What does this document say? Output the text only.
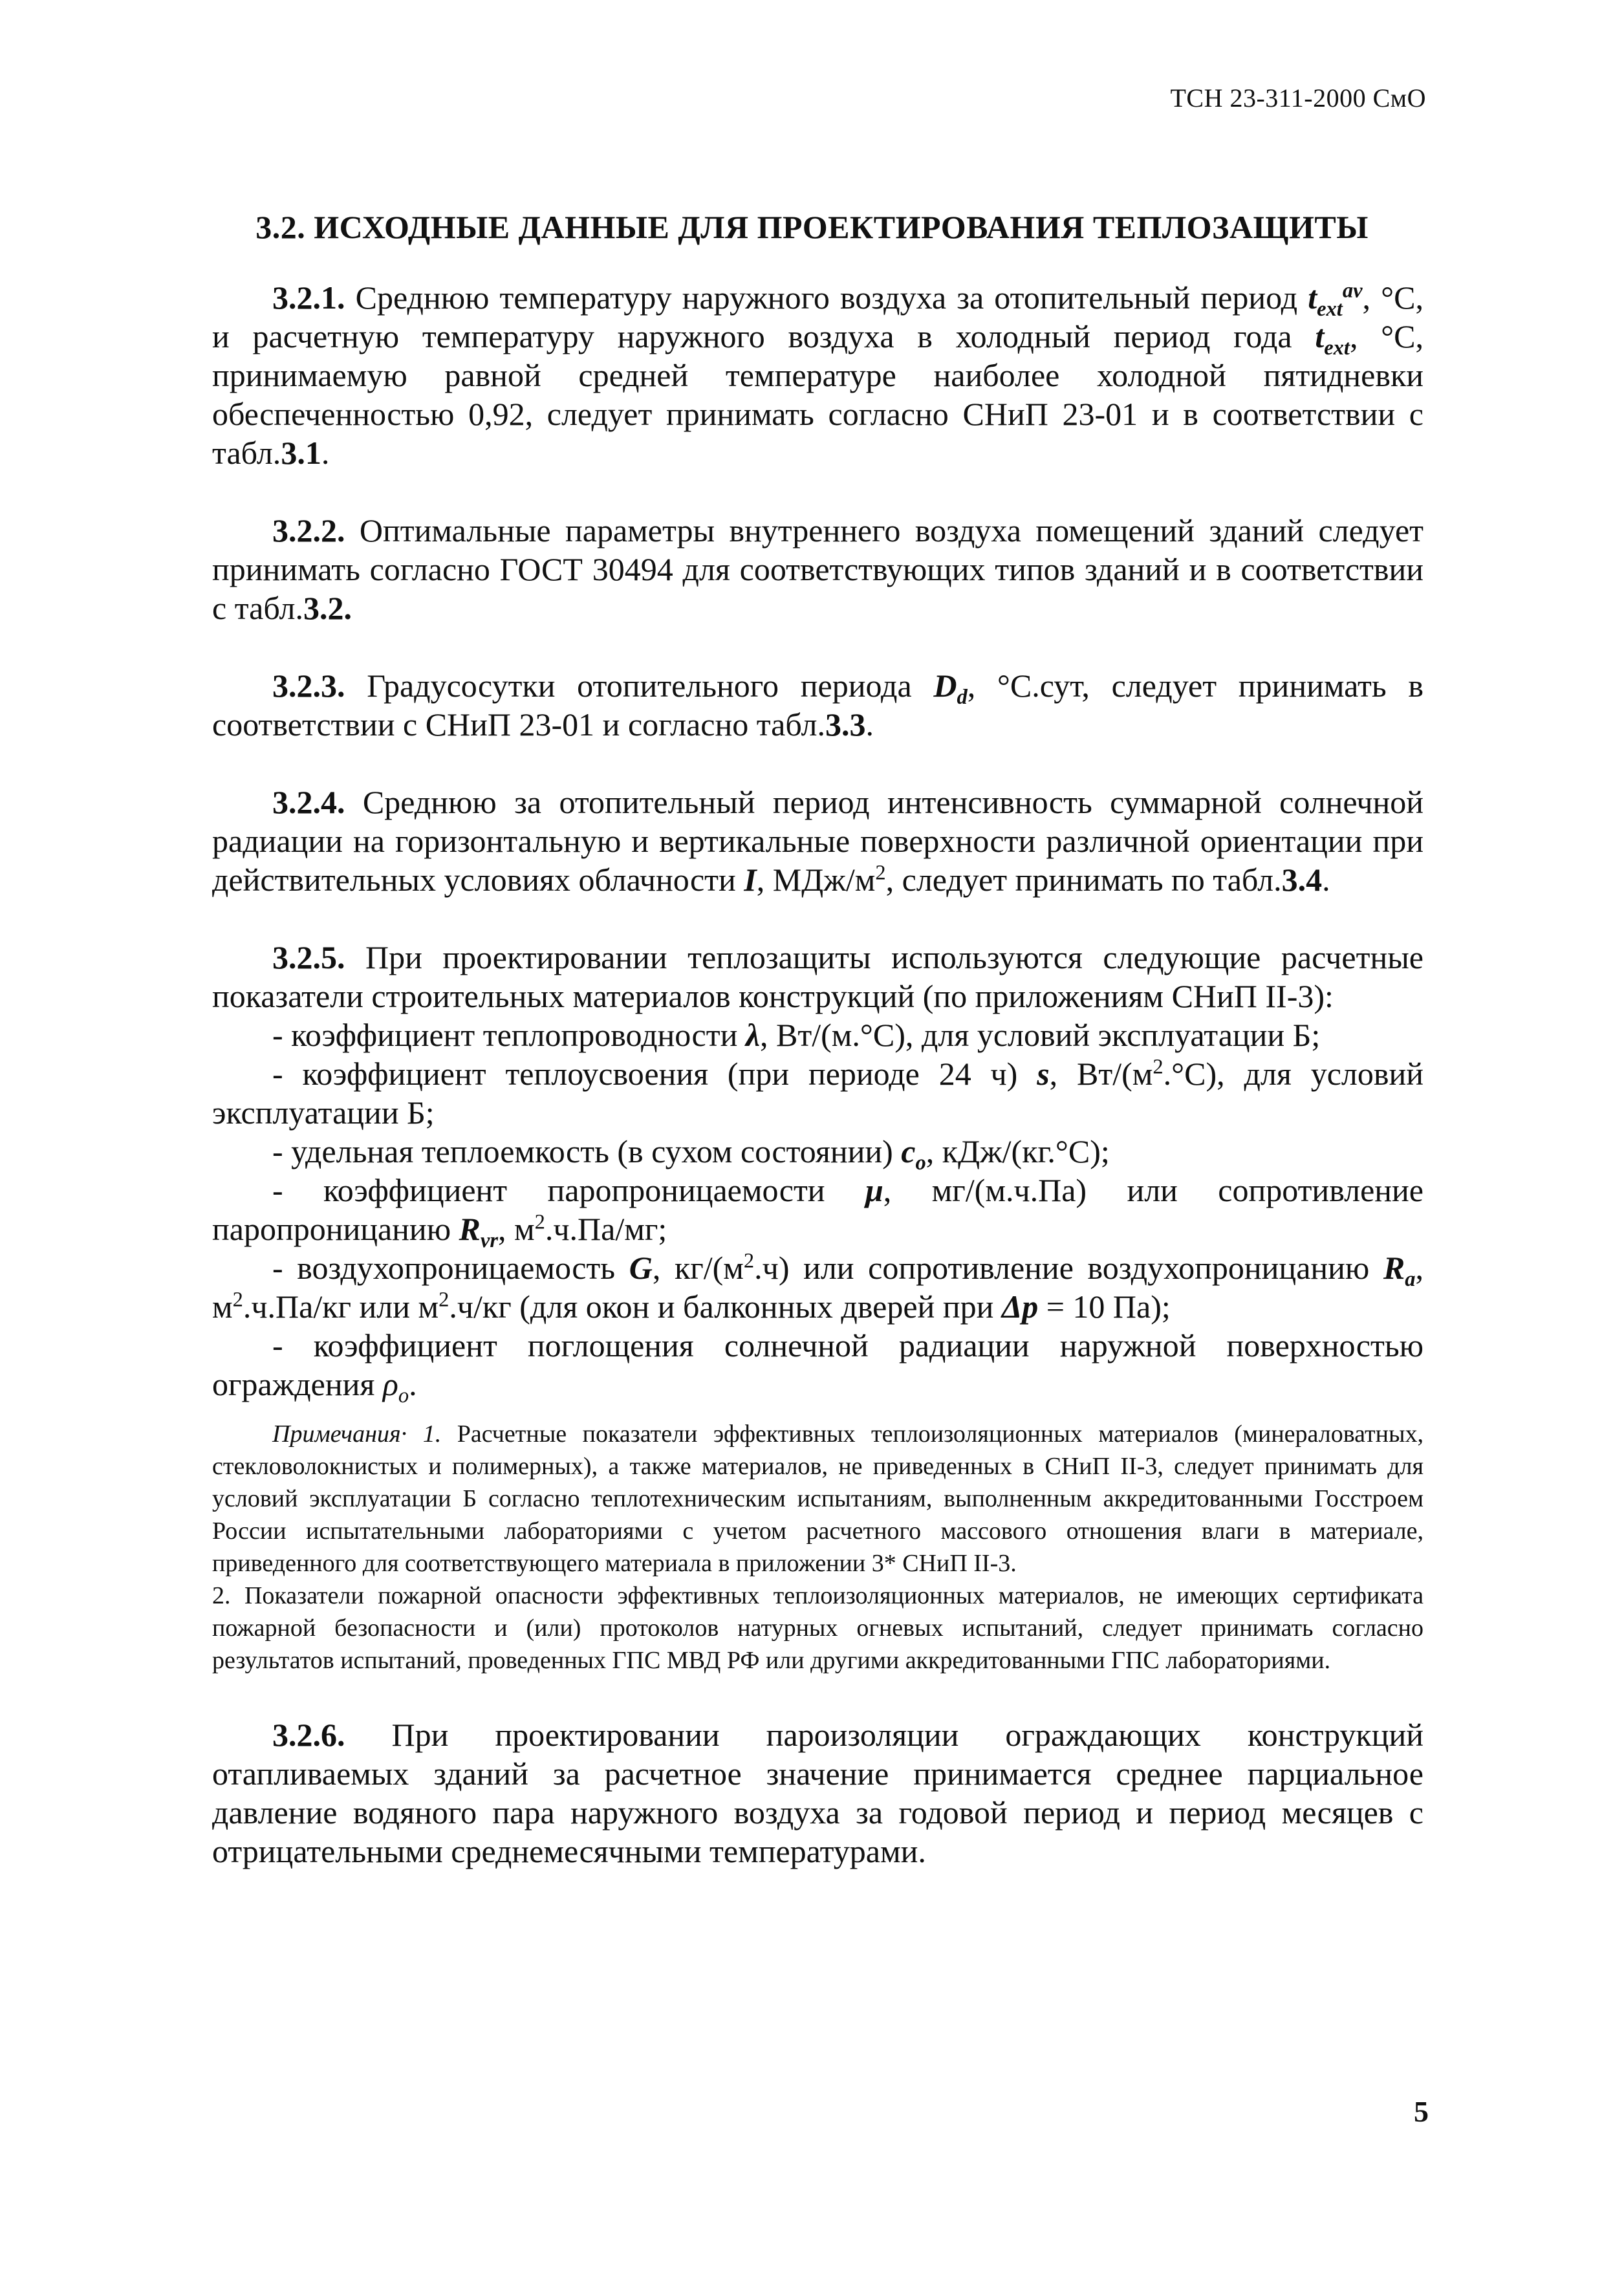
ТСН 23-311-2000 СмО
3.2. ИСХОДНЫЕ ДАННЫЕ ДЛЯ ПРОЕКТИРОВАНИЯ ТЕПЛОЗАЩИТЫ

3.2.1. Среднюю температуру наружного воздуха за отопительный период $t_{ext}^{av}$, °С, и расчетную температуру наружного воздуха в холодный период года $t_{ext}$, °С, принимаемую равной средней температуре наиболее холодной пятидневки обеспеченностью 0,92, следует принимать согласно СНиП 23-01 и в соответствии с табл.3.1.

3.2.2. Оптимальные параметры внутреннего воздуха помещений зданий следует принимать согласно ГОСТ 30494 для соответствующих типов зданий и в соответствии с табл.3.2.

3.2.3. Градусосутки отопительного периода $D_d$, °С.сут, следует принимать в соответствии с СНиП 23-01 и согласно табл.3.3.

3.2.4. Среднюю за отопительный период интенсивность суммарной солнечной радиации на горизонтальную и вертикальные поверхности различной ориентации при действительных условиях облачности I, МДж/$м^2$, следует принимать по табл.3.4.

3.2.5. При проектировании теплозащиты используются следующие расчетные показатели строительных материалов конструкций (по приложениям СНиП II-3):

- коэффициент теплопроводности λ, Вт/(м.°С), для условий эксплуатации Б;

- коэффициент теплоусвоения (при периоде 24 ч) s, $Вт/(м^2.^\circ С)$, для условий эксплуатации Б;

- удельная теплоемкость (в сухом состоянии) $c_o$, кДж/(кг.°С);

- коэффициент паропроницаемости μ, мг/(м.ч.Па) или сопротивление паропроницанию $R_{vr}$, $м^2.ч.Па/мг$;

- воздухопроницаемость G, $кг/(м^2.ч)$ или сопротивление воздухопроницанию $R_a$, $м^2.ч.Па/кг$ или $м^2.ч/кг$ (для окон и балконных дверей при Δp = 10 Па);

- коэффициент поглощения солнечной радиации наружной поверхностью ограждения $\rho_o$.

Примечания· 1. Расчетные показатели эффективных теплоизоляционных материалов (минераловатных, стекловолокнистых и полимерных), а также материалов, не приведенных в СНиП II-3, следует принимать для условий эксплуатации Б согласно теплотехническим испытаниям, выполненным аккредитованными Госстроем России испытательными лабораториями с учетом расчетного массового отношения влаги в материале, приведенного для соответствующего материала в приложении 3* СНиП II-3.

2. Показатели пожарной опасности эффективных теплоизоляционных материалов, не имеющих сертификата пожарной безопасности и (или) протоколов натурных огневых испытаний, следует принимать согласно результатов испытаний, проведенных ГПС МВД РФ или другими аккредитованными ГПС лабораториями.

3.2.6. При проектировании пароизоляции ограждающих конструкций отапливаемых зданий за расчетное значение принимается среднее парциальное давление водяного пара наружного воздуха за годовой период и период месяцев с отрицательными среднемесячными температурами.

5
